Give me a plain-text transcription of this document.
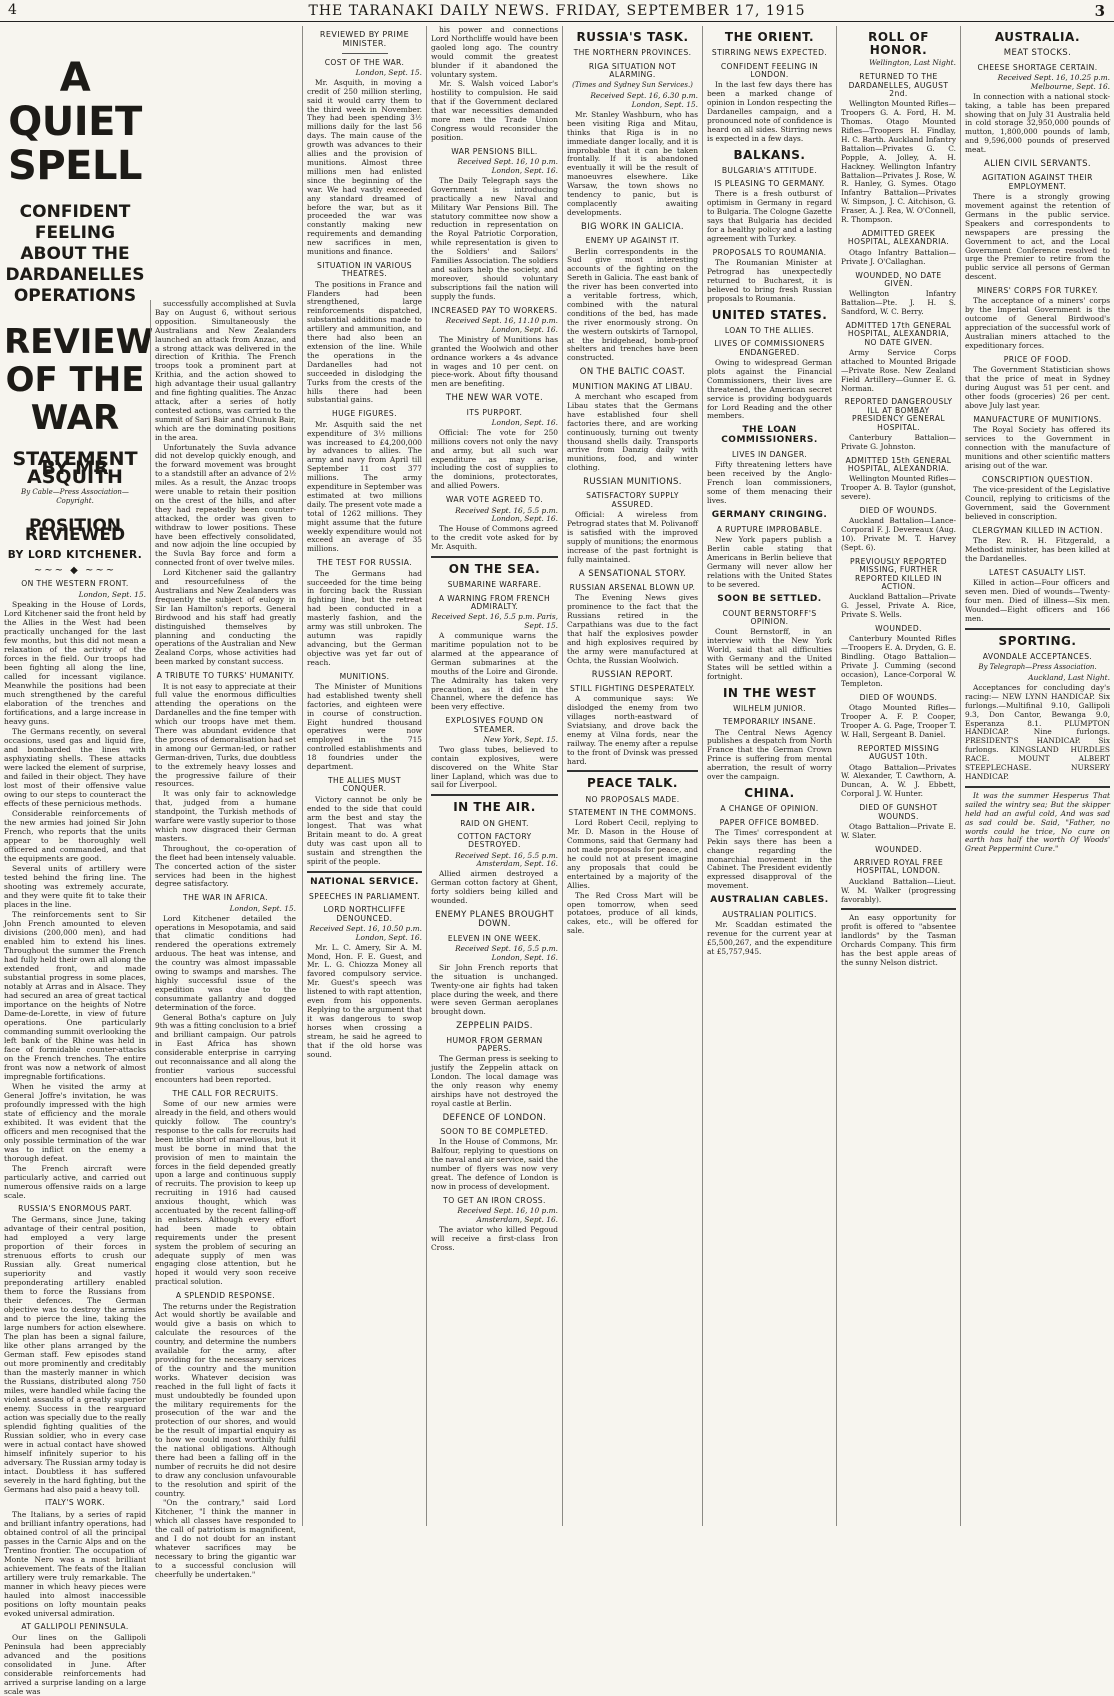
4	THE TARANAKI DAILY NEWS. FRIDAY, SEPTEMBER 17, 1915	3
A QUIET SPELL
CONFIDENT FEELING ABOUT THE DARDANELLES OPERATIONS
REVIEW OF THE WAR
STATEMENT BY MR ASQUITH
By Cable—Press Association—Copyright.
POSITION REVIEWED
BY LORD KITCHENER.
~~~ ◆ ~~~
ON THE WESTERN FRONT.
London, Sept. 15.

Speaking in the House of Lords, Lord Kitchener said the front held by the Allies in the West had been practically unchanged for the last few months, but this did not mean a relaxation of the activity of the forces in the field. Our troops had been fighting all along the line, called for incessant vigilance. Meanwhile the positions had been much strengthened by the careful elaboration of the trenches and fortifications, and a large increase in heavy guns.

The Germans recently, on several occasions, used gas and liquid fire, and bombarded the lines with asphyxiating shells. These attacks were lacked the element of surprise, and failed in their object. They have lost most of their offensive value owing to our steps to counteract the effects of these pernicious methods.

Considerable reinforcements of the new armies had joined Sir John French, who reports that the units appear to be thoroughly well officered and commanded, and that the equipments are good.

Several units of artillery were tested behind the firing line. The shooting was extremely accurate, and they were quite fit to take their places in the line.

The reinforcements sent to Sir John French amounted to eleven divisions (200,000 men), and had enabled him to extend his lines. Throughout the summer the French had fully held their own all along the extended front, and made substantial progress in some places, notably at Arras and in Alsace. They had secured an area of great tactical importance on the heights of Notre Dame-de-Lorette, in view of future operations. One particularly commanding summit overlooking the left bank of the Rhine was held in face of formidable counter-attacks on the French trenches. The entire front was now a network of almost impregnable fortifications.

When he visited the army at General Joffre's invitation, he was profoundly impressed with the high state of efficiency and the morale exhibited. It was evident that the officers and men recognised that the only possible termination of the war was to inflict on the enemy a thorough defeat.

The French aircraft were particularly active, and carried out numerous offensive raids on a large scale.

RUSSIA'S ENORMOUS PART.

The Germans, since June, taking advantage of their central position, had employed a very large proportion of their forces in strenuous efforts to crush our Russian ally. Great numerical superiority and vastly preponderating artillery enabled them to force the Russians from their defences. The German objective was to destroy the armies and to pierce the line, taking the large numbers for action elsewhere. The plan has been a signal failure, like other plans arranged by the German staff. Few episodes stand out more prominently and creditably than the masterly manner in which the Russians, distributed along 750 miles, were handled while facing the violent assaults of a greatly superior enemy. Success in the rearguard action was specially due to the really splendid fighting qualities of the Russian soldier, who in every case were in actual contact have showed himself infinitely superior to his adversary. The Russian army today is intact. Doubtless it has suffered severely in the hard fighting, but the Germans had also paid a heavy toll.

ITALY'S WORK.

The Italians, by a series of rapid and brilliant infantry operations, had obtained control of all the principal passes in the Carnic Alps and on the Trentino frontier. The occupation of Monte Nero was a most brilliant achievement. The feats of the Italian artillery were truly remarkable. The manner in which heavy pieces were hauled into almost inaccessible positions on lofty mountain peaks evoked universal admiration.

AT GALLIPOLI PENINSULA.

Our lines on the Gallipoli Peninsula had been appreciably advanced and the positions consolidated in June. After considerable reinforcements had arrived a surprise landing on a large scale was

successfully accomplished at Suvla Bay on August 6, without serious opposition. Simultaneously the Australians and New Zealanders launched an attack from Anzac, and a strong attack was delivered in the direction of Krithia. The French troops took a prominent part at Krithia, and the action showed to high advantage their usual gallantry and fine fighting qualities. The Anzac attack, after a series of hotly contested actions, was carried to the summit of Sari Bair and Chunuk Bair, which are the dominating positions in the area.

Unfortunately the Suvla advance did not develop quickly enough, and the forward movement was brought to a standstill after an advance of 2½ miles. As a result, the Anzac troops were unable to retain their position on the crest of the hills, and after they had repeatedly been counter-attacked, the order was given to withdraw to lower positions. These have been effectively consolidated, and now adjoin the line occupied by the Suvla Bay force and form a connected front of over twelve miles.

Lord Kitchener said the gallantry and resourcefulness of the Australians and New Zealanders was frequently the subject of eulogy in Sir Ian Hamilton's reports. General Birdwood and his staff had greatly distinguished themselves by planning and conducting the operations of the Australian and New Zealand Corps, whose activities had been marked by constant success.

A TRIBUTE TO TURKS' HUMANITY.

It is not easy to appreciate at their full value the enormous difficulties attending the operations on the Dardanelles and the fine temper with which our troops have met them. There was abundant evidence that the process of demoralisation had set in among our German-led, or rather German-driven, Turks, due doubtless to the extremely heavy losses and the progressive failure of their resources.

It was only fair to acknowledge that, judged from a humane standpoint, the Turkish methods of warfare were vastly superior to those which now disgraced their German masters.

Throughout, the co-operation of the fleet had been intensely valuable. The concerted action of the sister services had been in the highest degree satisfactory.

THE WAR IN AFRICA.
London, Sept. 15.

Lord Kitchener detailed the operations in Mesopotamia, and said that climatic conditions had rendered the operations extremely arduous. The heat was intense, and the country was almost impassable owing to swamps and marshes. The highly successful issue of the expedition was due to the consummate gallantry and dogged determination of the force.

General Botha's capture on July 9th was a fitting conclusion to a brief and brilliant campaign. Our patrols in East Africa has shown considerable enterprise in carrying out reconnaissance and all along the frontier various successful encounters had been reported.

THE CALL FOR RECRUITS.

Some of our new armies were already in the field, and others would quickly follow. The country's response to the calls for recruits had been little short of marvellous, but it must be borne in mind that the provision of men to maintain the forces in the field depended greatly upon a large and continuous supply of recruits. The provision to keep up recruiting in 1916 had caused anxious thought, which was accentuated by the recent falling-off in enlisters. Although every effort had been made to obtain requirements under the present system the problem of securing an adequate supply of men was engaging close attention, but he hoped it would very soon receive practical solution.

A SPLENDID RESPONSE.

The returns under the Registration Act would shortly be available and would give a basis on which to calculate the resources of the country, and determine the numbers available for the army, after providing for the necessary services of the country and the munition works. Whatever decision was reached in the full light of facts it must undoubtedly be founded upon the military requirements for the prosecution of the war and the protection of our shores, and would be the result of impartial enquiry as to how we could most worthily fulfil the national obligations. Although there had been a falling off in the number of recruits he did not desire to draw any conclusion unfavourable to the resolution and spirit of the country.

"On the contrary," said Lord Kitchener, "I think the manner in which all classes have responded to the call of patriotism is magnificent, and I do not doubt for an instant whatever sacrifices may be necessary to bring the gigantic war to a successful conclusion will cheerfully be undertaken."

REVIEWED BY PRIME MINISTER.
COST OF THE WAR.
London, Sept. 15.

Mr. Asquith, in moving a credit of 250 million sterling, said it would carry them to the third week in November. They had been spending 3½ millions daily for the last 56 days. The main cause of the growth was advances to their allies and the provision of munitions. Almost three millions men had enlisted since the beginning of the war. We had vastly exceeded any standard dreamed of before the war, but as it proceeded the war was constantly making new requirements and demanding new sacrifices in men, munitions and finance.

SITUATION IN VARIOUS THEATRES.

The positions in France and Flanders had been strengthened, large reinforcements dispatched, substantial additions made to artillery and ammunition, and there had also been an extension of the line. While the operations in the Dardanelles had not succeeded in dislodging the Turks from the crests of the hills there had been substantial gains.

HUGE FIGURES.

Mr. Asquith said the net expenditure of 3½ millions was increased to £4,200,000 by advances to allies. The army and navy from April till September 11 cost 377 millions. The army expenditure in September was estimated at two millions daily. The present vote made a total of 1262 millions. They might assume that the future weekly expenditure would not exceed an average of 35 millions.

THE TEST FOR RUSSIA.

The Germans had succeeded for the time being in forcing back the Russian fighting line, but the retreat had been conducted in a masterly fashion, and the army was still unbroken. The autumn was rapidly advancing, but the German objective was yet far out of reach.

MUNITIONS.

The Minister of Munitions had established twenty shell factories, and eighteen were in course of construction. Eight hundred thousand operatives were now employed in the 715 controlled establishments and 18 foundries under the department.

THE ALLIES MUST CONQUER.

Victory cannot be only be ended to the side that could arm the best and stay the longest. That was what Britain meant to do. A great duty was cast upon all to sustain and strengthen the spirit of the people.

NATIONAL SERVICE.
SPEECHES IN PARLIAMENT.
LORD NORTHCLIFFE DENOUNCED.
Received Sept. 16, 10.50 p.m. London, Sept. 16.

Mr. L. C. Amery, Sir A. M. Mond, Hon. F. E. Guest, and Mr. L. G. Chiozza Money all favored compulsory service. Mr. Guest's speech was listened to with rapt attention, even from his opponents. Replying to the argument that it was dangerous to swop horses when crossing a stream, he said he agreed to that if the old horse was sound.

his power and connections Lord Northcliffe would have been gaoled long ago. The country would commit the greatest blunder if it abandoned the voluntary system.

Mr. S. Walsh voiced Labor's hostility to compulsion. He said that if the Government declared that war necessities demanded more men the Trade Union Congress would reconsider the position.

WAR PENSIONS BILL.
Received Sept. 16, 10 p.m. London, Sept. 16.

The Daily Telegraph says the Government is introducing practically a new Naval and Military War Pensions Bill. The statutory committee now show a reduction in representation on the Royal Patriotic Corporation, while representation is given to the Soldiers' and Sailors' Families Association. The soldiers and sailors help the society, and moreover, should voluntary subscriptions fail the nation will supply the funds.

INCREASED PAY TO WORKERS.
Received Sept. 16, 11.10 p.m. London, Sept. 16.

The Ministry of Munitions has granted the Woolwich and other ordnance workers a 4s advance in wages and 10 per cent. on piece-work. About fifty thousand men are benefiting.

THE NEW WAR VOTE.
ITS PURPORT.
London, Sept. 16.

Official: The vote for 250 millions covers not only the navy and army, but all such war expenditure as may arise, including the cost of supplies to the dominions, protectorates, and allied Powers.

WAR VOTE AGREED TO.
Received Sept. 16, 5.5 p.m. London, Sept. 16.

The House of Commons agreed to the credit vote asked for by Mr. Asquith.

ON THE SEA.
SUBMARINE WARFARE.
A WARNING FROM FRENCH ADMIRALTY.
Received Sept. 16, 5.5 p.m. Paris, Sept. 15.

A communique warns the maritime population not to be alarmed at the appearance of German submarines at the mouths of the Loire and Gironde. The Admiralty has taken very precaution, as it did in the Channel, where the defence has been very effective.

EXPLOSIVES FOUND ON STEAMER.
New York, Sept. 15.

Two glass tubes, believed to contain explosives, were discovered on the White Star liner Lapland, which was due to sail for Liverpool.

IN THE AIR.
RAID ON GHENT.
COTTON FACTORY DESTROYED.
Received Sept. 16, 5.5 p.m. Amsterdam, Sept. 16.

Allied airmen destroyed a German cotton factory at Ghent, forty soldiers being killed and wounded.

ENEMY PLANES BROUGHT DOWN.
ELEVEN IN ONE WEEK.
Received Sept. 16, 5.5 p.m. London, Sept. 16.

Sir John French reports that the situation is unchanged. Twenty-one air fights had taken place during the week, and there were seven German aeroplanes brought down.

ZEPPELIN PAIDS.
HUMOR FROM GERMAN PAPERS.

The German press is seeking to justify the Zeppelin attack on London. The local damage was the only reason why enemy airships have not destroyed the royal castle at Berlin.

DEFENCE OF LONDON.
SOON TO BE COMPLETED.

In the House of Commons, Mr. Balfour, replying to questions on the naval and air service, said the number of flyers was now very great. The defence of London is now in process of development.

TO GET AN IRON CROSS.
Received Sept. 16, 10 p.m. Amsterdam, Sept. 16.

The aviator who killed Pegoud will receive a first-class Iron Cross.

RUSSIA'S TASK.
THE NORTHERN PROVINCES.
RIGA SITUATION NOT ALARMING.
(Times and Sydney Sun Services.)
Received Sept. 16, 6.30 p.m. London, Sept. 15.

Mr. Stanley Washburn, who has been visiting Riga and Mitau, thinks that Riga is in no immediate danger locally, and it is improbable that it can be taken frontally. If it is abandoned eventually it will be the result of manoeuvres elsewhere. Like Warsaw, the town shows no tendency to panic, but is complacently awaiting developments.

BIG WORK IN GALICIA.
ENEMY UP AGAINST IT.

Berlin correspondents in the Sud give most interesting accounts of the fighting on the Sereth in Galicia. The east bank of the river has been converted into a veritable fortress, which, combined with the natural conditions of the bed, has made the river enormously strong. On the western outskirts of Tarnopol, at the bridgehead, bomb-proof shelters and trenches have been constructed.

ON THE BALTIC COAST.
MUNITION MAKING AT LIBAU.

A merchant who escaped from Libau states that the Germans have established four shell factories there, and are working continuously, turning out twenty thousand shells daily. Transports arrive from Danzig daily with munitions, food, and winter clothing.

RUSSIAN MUNITIONS.
SATISFACTORY SUPPLY ASSURED.

Official: A wireless from Petrograd states that M. Polivanoff is satisfied with the improved supply of munitions; the enormous increase of the past fortnight is fully maintained.

A SENSATIONAL STORY.
RUSSIAN ARSENAL BLOWN UP.

The Evening News gives prominence to the fact that the Russians retired in the Carpathians was due to the fact that half the explosives powder and high explosives required by the army were manufactured at Ochta, the Russian Woolwich.

RUSSIAN REPORT.
STILL FIGHTING DESPERATELY.

A communique says: We dislodged the enemy from two villages north-eastward of Sviatsiany, and drove back the enemy at Vilna fords, near the railway. The enemy after a repulse to the front of Dvinsk was pressed hard.

PEACE TALK.
NO PROPOSALS MADE.
STATEMENT IN THE COMMONS.

Lord Robert Cecil, replying to Mr. D. Mason in the House of Commons, said that Germany had not made proposals for peace, and he could not at present imagine any proposals that could be entertained by a majority of the Allies.

The Red Cross Mart will be open tomorrow, when seed potatoes, produce of all kinds, cakes, etc., will be offered for sale.

THE ORIENT.
STIRRING NEWS EXPECTED.
CONFIDENT FEELING IN LONDON.

In the last few days there has been a marked change of opinion in London respecting the Dardanelles campaign, and a pronounced note of confidence is heard on all sides. Stirring news is expected in a few days.

BALKANS.
BULGARIA'S ATTITUDE.
IS PLEASING TO GERMANY.

There is a fresh outburst of optimism in Germany in regard to Bulgaria. The Cologne Gazette says that Bulgaria has decided for a healthy policy and a lasting agreement with Turkey.

PROPOSALS TO ROUMANIA.

The Roumanian Minister at Petrograd has unexpectedly returned to Bucharest, it is believed to bring fresh Russian proposals to Roumania.

UNITED STATES.
LOAN TO THE ALLIES.
LIVES OF COMMISSIONERS ENDANGERED.

Owing to widespread German plots against the Financial Commissioners, their lives are threatened, the American secret service is providing bodyguards for Lord Reading and the other members.

THE LOAN COMMISSIONERS.
LIVES IN DANGER.

Fifty threatening letters have been received by the Anglo-French loan commissioners, some of them menacing their lives.

GERMANY CRINGING.
A RUPTURE IMPROBABLE.

New York papers publish a Berlin cable stating that Americans in Berlin believe that Germany will never allow her relations with the United States to be severed.

SOON BE SETTLED.
COUNT BERNSTORFF'S OPINION.

Count Bernstorff, in an interview with the New York World, said that all difficulties with Germany and the United States will be settled within a fortnight.

IN THE WEST
WILHELM JUNIOR.
TEMPORARILY INSANE.

The Central News Agency publishes a despatch from North France that the German Crown Prince is suffering from mental aberration, the result of worry over the campaign.

CHINA.
A CHANGE OF OPINION.
PAPER OFFICE BOMBED.

The Times' correspondent at Pekin says there has been a change regarding the monarchial movement in the Cabinet. The President evidently expressed disapproval of the movement.

AUSTRALIAN CABLES.
AUSTRALIAN POLITICS.

Mr. Scaddan estimated the revenue for the current year at £5,500,267, and the expenditure at £5,757,945.

ROLL OF HONOR.
Wellington, Last Night.
RETURNED TO THE DARDANELLES, AUGUST 2nd.

Wellington Mounted Rifles—Troopers G. A. Ford, H. M. Thomas. Otago Mounted Rifles—Troopers H. Findlay, H. C. Barth. Auckland Infantry Battalion—Privates G. C. Popple, A. Jolley, A. H. Hackney. Wellington Infantry Battalion—Privates J. Rose, W. R. Hanley, G. Symes. Otago Infantry Battalion—Privates W. Simpson, J. C. Aitchison, G. Fraser, A. J. Rea, W. O'Connell, R. Thompson.

ADMITTED GREEK HOSPITAL, ALEXANDRIA.

Otago Infantry Battalion—Private J. O'Callaghan.

WOUNDED, NO DATE GIVEN.

Wellington Infantry Battalion—Pte. J. H. S. Sandford, W. C. Berry.

ADMITTED 17th GENERAL HOSPITAL, ALEXANDRIA, NO DATE GIVEN.

Army Service Corps attached to Mounted Brigade—Private Rose. New Zealand Field Artillery—Gunner E. G. Norman.

REPORTED DANGEROUSLY ILL AT BOMBAY PRESIDENCY GENERAL HOSPITAL.

Canterbury Battalion—Private G. Johnston.

ADMITTED 15th GENERAL HOSPITAL, ALEXANDRIA.

Wellington Mounted Rifles—Trooper A. B. Taylor (gunshot, severe).

DIED OF WOUNDS.

Auckland Battalion—Lance-Corporal F. J. Devereaux (Aug. 10). Private M. T. Harvey (Sept. 6).

PREVIOUSLY REPORTED MISSING, FURTHER REPORTED KILLED IN ACTION.

Auckland Battalion—Private G. Jessel, Private A. Rice, Private S. Wells.

WOUNDED.

Canterbury Mounted Rifles—Troopers E. A. Dryden, G. E. Bindling. Otago Battalion—Private J. Cumming (second occasion), Lance-Corporal W. Templeton.

DIED OF WOUNDS.

Otago Mounted Rifles—Trooper A. F. P. Cooper, Trooper A. G. Page, Trooper T. W. Hall, Sergeant B. Daniel.

REPORTED MISSING AUGUST 10th.

Otago Battalion—Privates W. Alexander, T. Cawthorn, A. Duncan, A. W. J. Ebbett, Corporal J. W. Hunter.

DIED OF GUNSHOT WOUNDS.

Otago Battalion—Private E. W. Slater.

WOUNDED.
ARRIVED ROYAL FREE HOSPITAL, LONDON.

Auckland Battalion—Lieut. W. M. Walker (progressing favorably).

An easy opportunity for profit is offered to "absentee landlords" by the Tasman Orchards Company. This firm has the best apple areas of the sunny Nelson district.

AUSTRALIA.
MEAT STOCKS.
CHEESE SHORTAGE CERTAIN.
Received Sept. 16, 10.25 p.m. Melbourne, Sept. 16.

In connection with a national stock-taking, a table has been prepared showing that on July 31 Australia held in cold storage 32,950,000 pounds of mutton, 1,800,000 pounds of lamb, and 9,596,000 pounds of preserved meat.

ALIEN CIVIL SERVANTS.
AGITATION AGAINST THEIR EMPLOYMENT.

There is a strongly growing movement against the retention of Germans in the public service. Speakers and correspondents to newspapers are pressing the Government to act, and the Local Government Conference resolved to urge the Premier to retire from the public service all persons of German descent.

MINERS' CORPS FOR TURKEY.

The acceptance of a miners' corps by the Imperial Government is the outcome of General Birdwood's appreciation of the successful work of Australian miners attached to the expeditionary forces.

PRICE OF FOOD.

The Government Statistician shows that the price of meat in Sydney during August was 51 per cent. and other foods (groceries) 26 per cent. above July last year.

MANUFACTURE OF MUNITIONS.

The Royal Society has offered its services to the Government in connection with the manufacture of munitions and other scientific matters arising out of the war.

CONSCRIPTION QUESTION.

The vice-president of the Legislative Council, replying to criticisms of the Government, said the Government believed in conscription.

CLERGYMAN KILLED IN ACTION.

The Rev. R. H. Fitzgerald, a Methodist minister, has been killed at the Dardanelles.

LATEST CASUALTY LIST.

Killed in action—Four officers and seven men. Died of wounds—Twenty-four men. Died of illness—Six men. Wounded—Eight officers and 166 men.

SPORTING.
AVONDALE ACCEPTANCES.
By Telegraph—Press Association.
Auckland, Last Night.

Acceptances for concluding day's racing:— NEW LYNN HANDICAP. Six furlongs.—Multifinal 9.10, Gallipoli 9.3, Don Cantor, Bewanga 9.0, Esperanza 8.1. PLUMPTON HANDICAP. Nine furlongs. PRESIDENT'S HANDICAP. Six furlongs. KINGSLAND HURDLES RACE. MOUNT ALBERT STEEPLECHASE. NURSERY HANDICAP.

It was the summer Hesperus That sailed the wintry sea; But the skipper held had an awful cold, And was sad as sad could be. Said, "Father, no words could he trice, No cure on earth has half the worth Of Woods' Great Peppermint Cure."
